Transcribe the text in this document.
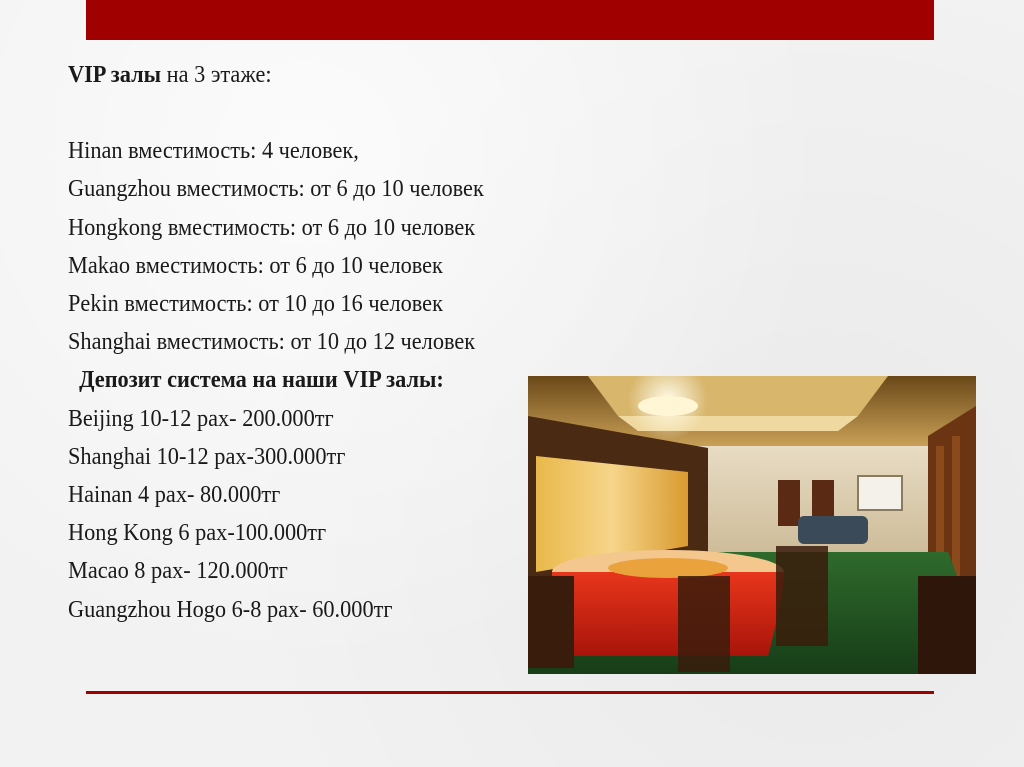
VIP залы на 3 этаже:
Hinan вместимость: 4 человек,
Guangzhou вместимость: от 6 до 10 человек
Hongkong вместимость: от 6 до 10 человек
Makao вместимость: от 6 до 10 человек
Pekin вместимость: от 10 до 16 человек
Shanghai вместимость: от 10 до 12 человек
Депозит система на наши VIP залы:
Beijing 10-12 pax- 200.000тг
Shanghai 10-12 pax-300.000тг
Hainan 4 pax- 80.000тг
Hong Kong 6 pax-100.000тг
Macao 8 pax- 120.000тг
Guangzhou Hogo 6-8 pax- 60.000тг
